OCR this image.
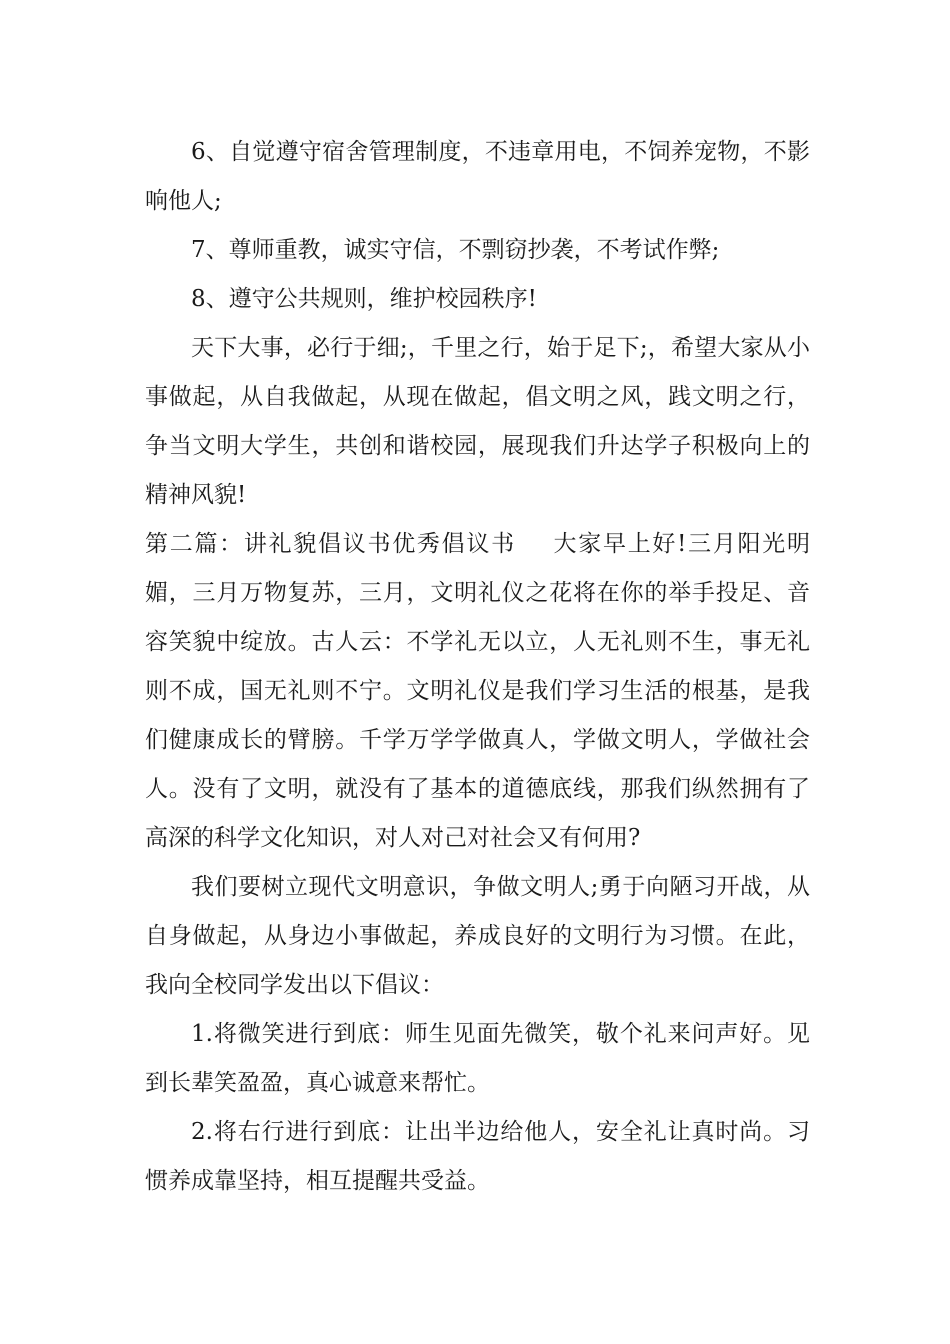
6、自觉遵守宿舍管理制度，不违章用电，不饲养宠物，不影响他人;

7、尊师重教，诚实守信，不剽窃抄袭，不考试作弊;

8、遵守公共规则，维护校园秩序!

天下大事，必行于细;，千里之行，始于足下;，希望大家从小事做起，从自我做起，从现在做起，倡文明之风，践文明之行，争当文明大学生，共创和谐校园，展现我们升达学子积极向上的精神风貌!

第二篇：讲礼貌倡议书优秀倡议书 大家早上好!三月阳光明媚，三月万物复苏，三月，文明礼仪之花将在你的举手投足、音容笑貌中绽放。古人云：不学礼无以立，人无礼则不生，事无礼则不成，国无礼则不宁。文明礼仪是我们学习生活的根基，是我们健康成长的臂膀。千学万学学做真人，学做文明人，学做社会人。没有了文明，就没有了基本的道德底线，那我们纵然拥有了高深的科学文化知识，对人对己对社会又有何用?

我们要树立现代文明意识，争做文明人;勇于向陋习开战，从自身做起，从身边小事做起，养成良好的文明行为习惯。在此，我向全校同学发出以下倡议：

1.将微笑进行到底：师生见面先微笑，敬个礼来问声好。见到长辈笑盈盈，真心诚意来帮忙。

2.将右行进行到底：让出半边给他人，安全礼让真时尚。习惯养成靠坚持，相互提醒共受益。
